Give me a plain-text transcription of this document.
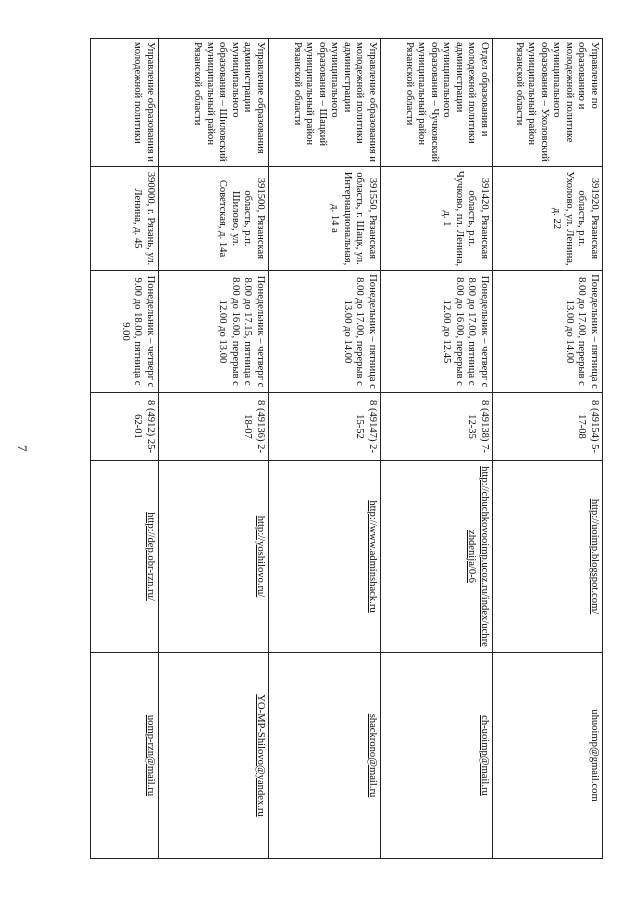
7
Управление по образованию и молодежной политике муниципального образования – Ухоловский муниципальный район Рязанской области	391920, Рязанская область, р.п. Ухолово, ул. Ленина, д. 22	Понедельник – пятница с 8.00 до 17.00, перерыв с 13.00 до 14.00	8 (49154) 5-17-08	http://uoimp.blogspot.com/	uhuoimp@gmail.com
Отдел образования и молодежной политики администрации муниципального образования – Чучковский муниципальный район Рязанской области	391420, Рязанская область, р.п. Чучково, пл. Ленина, д. 1	Понедельник – четверг с 8.00 до 17.00, пятница с 8.00 до 16.00, перерыв с 12.00 до 12.45	8 (49138) 7-12-35	http://chuchkovooimp.ucoz.ru/index/uchrezhdenija/0-6	ch-uoimp@mail.ru
Управление образования и молодежной политики администрации муниципального образования – Шацкий муниципальный район Рязанской области	391550, Рязанская область, г. Шацк, ул. Интернациональная, д. 14 а	Понедельник – пятница с 8.00 до 17.00, перерыв с 13.00 до 14.00	8 (49147) 2-15-52	http://www.adminshack.ru	shackrono@mail.ru
Управление образования администрации муниципального образования – Шиловский муниципальный район Рязанской области	391500, Рязанская область, р.п. Шилово, ул. Советская, д. 14а	Понедельник – четверг с 8.00 до 17.15, пятница с 8.00 до 16.00, перерыв с 12.00 до 13.00	8 (49136) 2-18-07	http://yoshilovo.ru/	YO-MP-Shilovo@yandex.ru
Управление образования и молодежной политики	390000, г. Рязань, ул. Ленина, д. 45	Понедельник – четверг с 9.00 до 18.00, пятница с 9.00	8 (4912) 25-62-01	http://dep.obr-rzn.ru/	uomp-rzn@mail.ru
